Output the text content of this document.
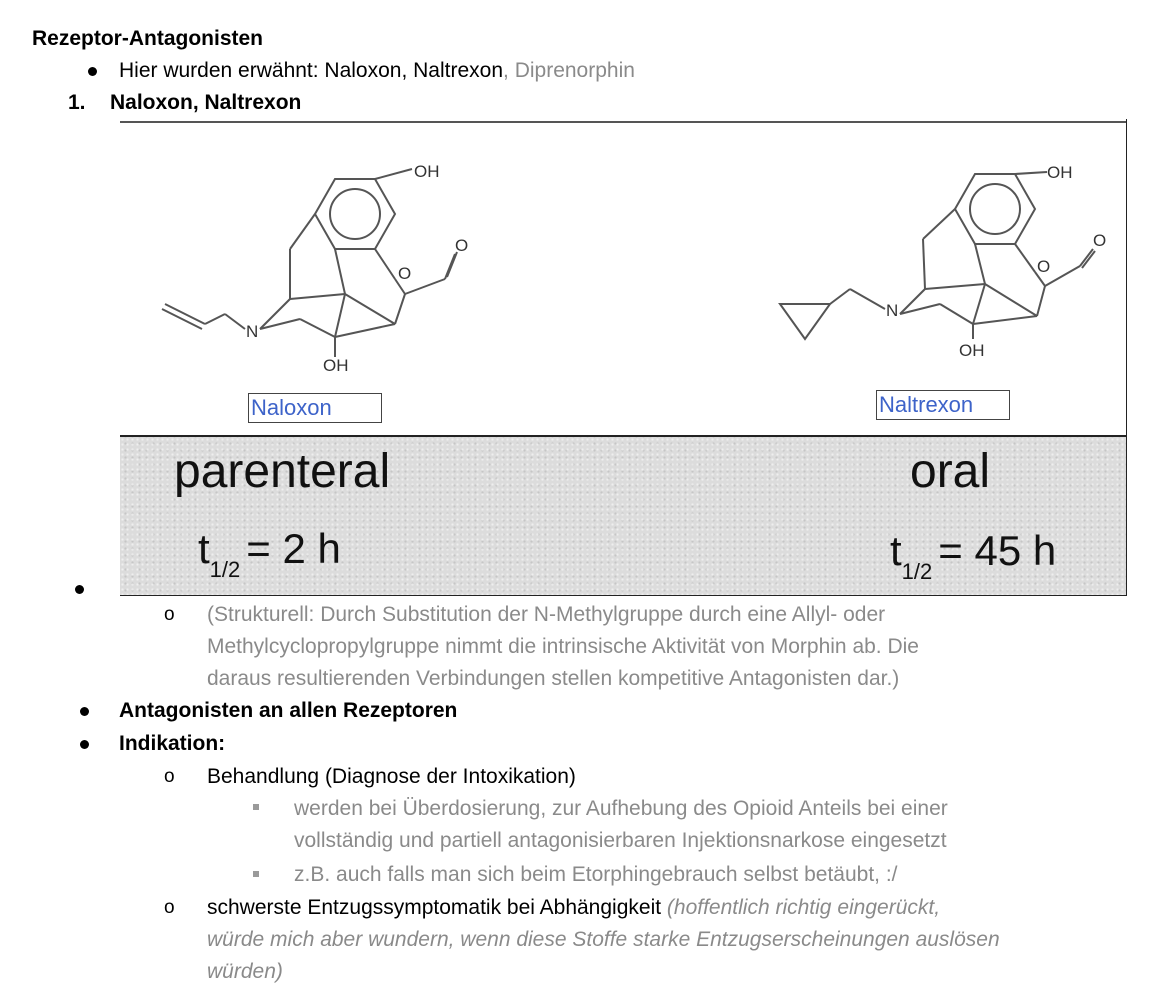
Rezeptor-Antagonisten
Hier wurden erwähnt: Naloxon, Naltrexon, Diprenorphin
1. Naloxon, Naltrexon
OH
O
O
N
OH
OH
O
O
N
OH
Naloxon	Naltrexon
parenteral	oral
$t_{1/2} = 2$ h	$t_{1/2} = 45$ h
o (Strukturell: Durch Substitution der N-Methylgruppe durch eine Allyl- oder
Methylcyclopropylgruppe nimmt die intrinsische Aktivität von Morphin ab. Die
daraus resultierenden Verbindungen stellen kompetitive Antagonisten dar.)
Antagonisten an allen Rezeptoren
Indikation:
o Behandlung (Diagnose der Intoxikation)
werden bei Überdosierung, zur Aufhebung des Opioid Anteils bei einer
vollständig und partiell antagonisierbaren Injektionsnarkose eingesetzt
z.B. auch falls man sich beim Etorphingebrauch selbst betäubt, :/
o schwerste Entzugssymptomatik bei Abhängigkeit (hoffentlich richtig eingerückt,
würde mich aber wundern, wenn diese Stoffe starke Entzugserscheinungen auslösen
würden)
